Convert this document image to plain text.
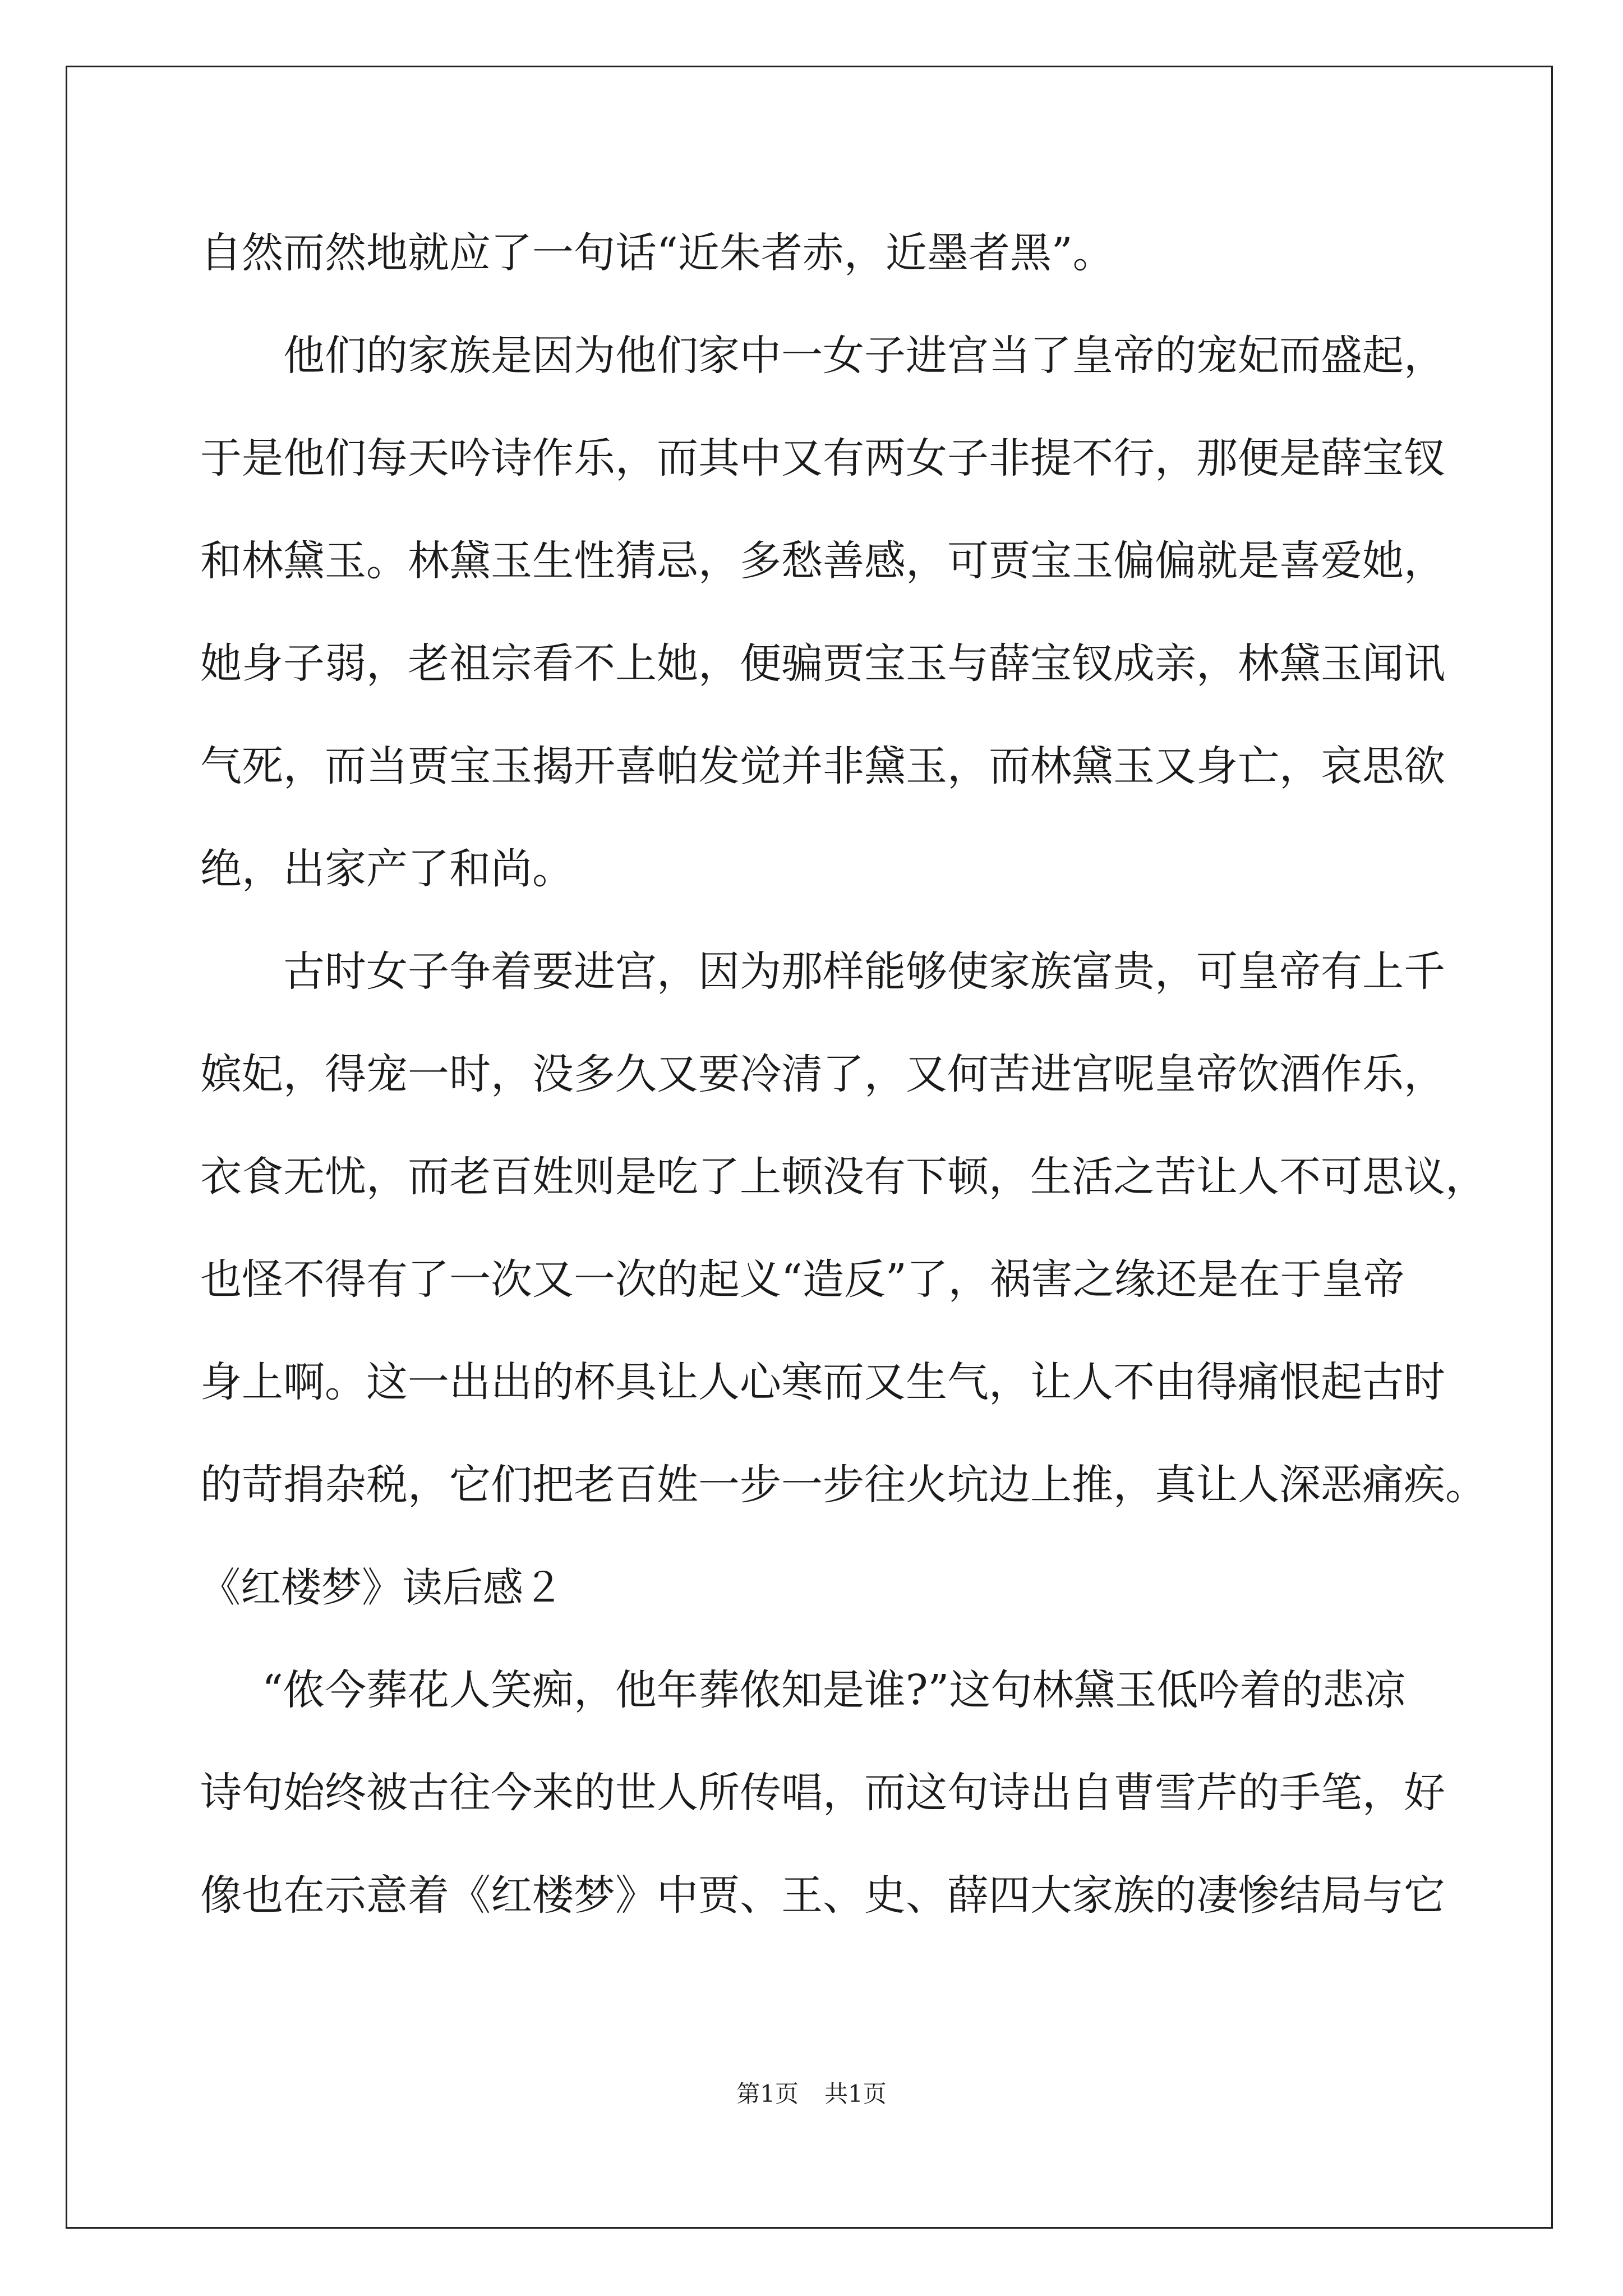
自然而然地就应了一句话“近朱者赤，近墨者黑”。
他们的家族是因为他们家中一女子进宫当了皇帝的宠妃而盛起，
于是他们每天吟诗作乐，而其中又有两女子非提不行，那便是薛宝钗
和林黛玉。林黛玉生性猜忌，多愁善感，可贾宝玉偏偏就是喜爱她，
她身子弱，老祖宗看不上她，便骗贾宝玉与薛宝钗成亲，林黛玉闻讯
气死，而当贾宝玉揭开喜帕发觉并非黛玉，而林黛玉又身亡，哀思欲
绝，出家产了和尚。
古时女子争着要进宫，因为那样能够使家族富贵，可皇帝有上千
嫔妃，得宠一时，没多久又要冷清了，又何苦进宫呢皇帝饮酒作乐，
衣食无忧，而老百姓则是吃了上顿没有下顿，生活之苦让人不可思议，
也怪不得有了一次又一次的起义“造反”了，祸害之缘还是在于皇帝
身上啊。这一出出的杯具让人心寒而又生气，让人不由得痛恨起古时
的苛捐杂税，它们把老百姓一步一步往火坑边上推，真让人深恶痛疾。
《红楼梦》读后感２
“侬今葬花人笑痴，他年葬侬知是谁?”这句林黛玉低吟着的悲凉
诗句始终被古往今来的世人所传唱，而这句诗出自曹雪芹的手笔，好
像也在示意着《红楼梦》中贾、王、史、薛四大家族的凄惨结局与它
第1页 共1页
